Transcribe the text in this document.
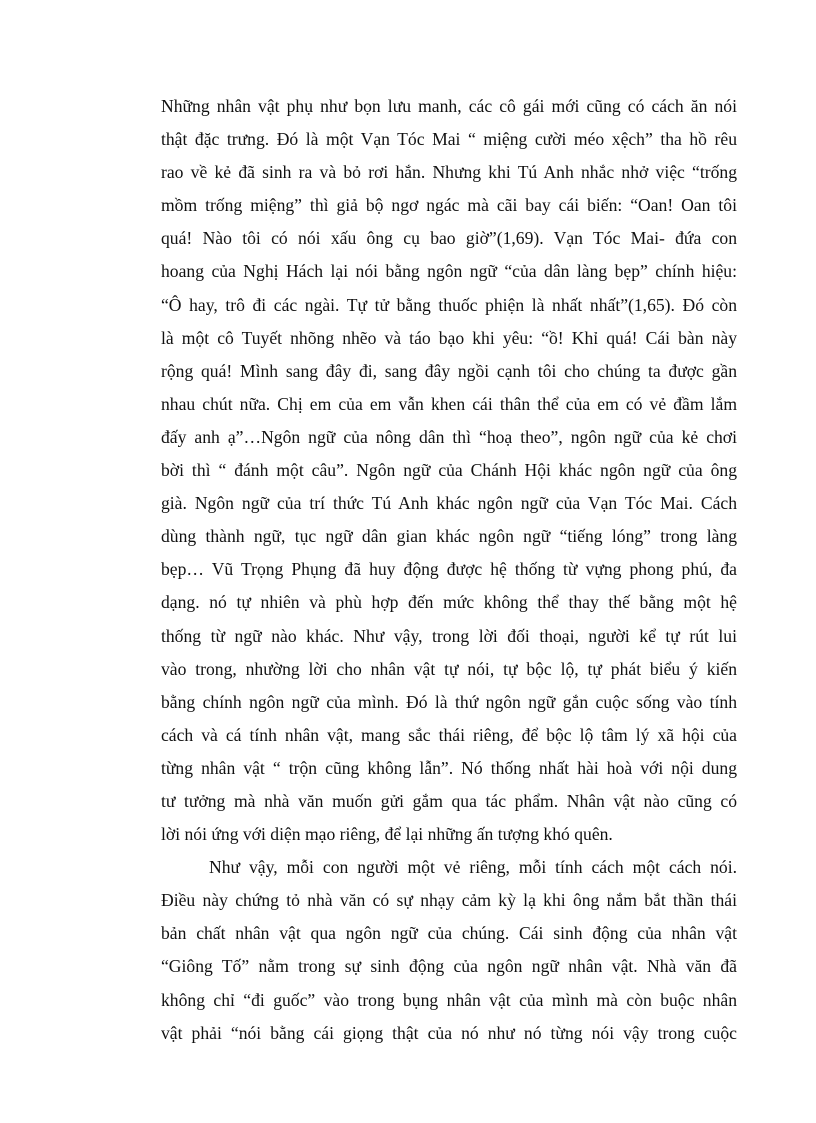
Những nhân vật phụ như bọn lưu manh, các cô gái mới cũng có cách ăn nói
thật đặc trưng. Đó là một Vạn Tóc Mai “ miệng cười méo xệch” tha hồ rêu
rao về kẻ đã sinh ra và bỏ rơi hắn. Nhưng khi Tú Anh nhắc nhở việc “trống
mồm trống miệng” thì giả bộ ngơ ngác mà cãi bay cái biến: “Oan! Oan tôi
quá! Nào tôi có nói xấu ông cụ bao giờ”(1,69). Vạn Tóc Mai- đứa con
hoang của Nghị Hách lại nói bằng ngôn ngữ “của dân làng bẹp” chính hiệu:
“Ô hay, trô đi các ngài. Tự tử bằng thuốc phiện là nhất nhất”(1,65). Đó còn
là một cô Tuyết nhõng nhẽo và táo bạo khi yêu: “ồ! Khỉ quá! Cái bàn này
rộng quá! Mình sang đây đi, sang đây ngồi cạnh tôi cho chúng ta được gần
nhau chút nữa. Chị em của em vẫn khen cái thân thể của em có vẻ đầm lắm
đấy anh ạ”…Ngôn ngữ của nông dân thì “hoạ theo”, ngôn ngữ của kẻ chơi
bời thì “ đánh một câu”. Ngôn ngữ của Chánh Hội khác ngôn ngữ của ông
già. Ngôn ngữ của trí thức Tú Anh khác ngôn ngữ của Vạn Tóc Mai. Cách
dùng thành ngữ, tục ngữ dân gian khác ngôn ngữ “tiếng lóng” trong làng
bẹp… Vũ Trọng Phụng đã huy động được hệ thống từ vựng phong phú, đa
dạng. nó tự nhiên và phù hợp đến mức không thể thay thế bằng một hệ
thống từ ngữ nào khác. Như vậy, trong lời đối thoại, người kể tự rút lui
vào trong, nhường lời cho nhân vật tự nói, tự bộc lộ, tự phát biểu ý kiến
bằng chính ngôn ngữ của mình. Đó là thứ ngôn ngữ gắn cuộc sống vào tính
cách và cá tính nhân vật, mang sắc thái riêng, để bộc lộ tâm lý xã hội của
từng nhân vật “ trộn cũng không lẫn”. Nó thống nhất hài hoà với nội dung
tư tưởng mà nhà văn muốn gửi gắm qua tác phẩm. Nhân vật nào cũng có
lời nói ứng với diện mạo riêng, để lại những ấn tượng khó quên.
Như vậy, mỗi con người một vẻ riêng, mỗi tính cách một cách nói.
Điều này chứng tỏ nhà văn có sự nhạy cảm kỳ lạ khi ông nắm bắt thần thái
bản chất nhân vật qua ngôn ngữ của chúng. Cái sinh động của nhân vật
“Giông Tố” nằm trong sự sinh động của ngôn ngữ nhân vật. Nhà văn đã
không chỉ “đi guốc” vào trong bụng nhân vật của mình mà còn buộc nhân
vật phải “nói bằng cái giọng thật của nó như nó từng nói vậy trong cuộc
